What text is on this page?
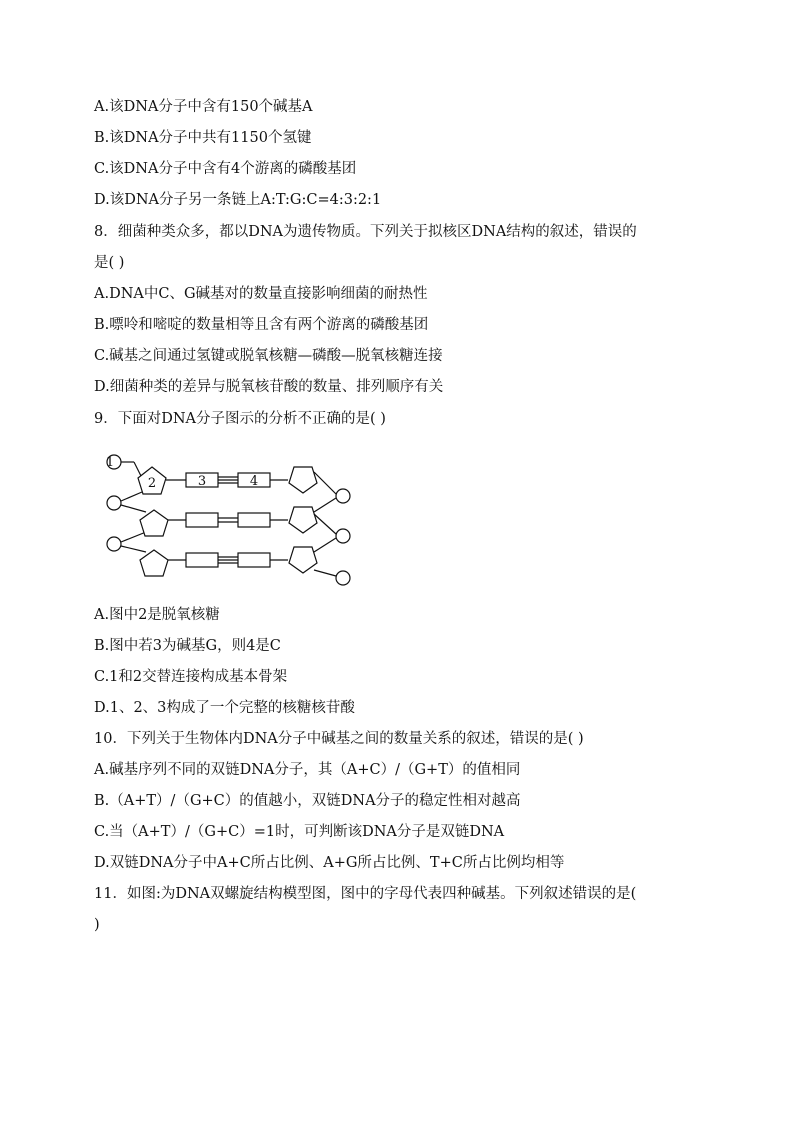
A.该DNA分子中含有150个碱基A
B.该DNA分子中共有1150个氢键
C.该DNA分子中含有4个游离的磷酸基团
D.该DNA分子另一条链上A:T:G:C=4:3:2:1
8．细菌种类众多，都以DNA为遗传物质。下列关于拟核区DNA结构的叙述，错误的
是( )
A.DNA中C、G碱基对的数量直接影响细菌的耐热性
B.嘌呤和嘧啶的数量相等且含有两个游离的磷酸基团
C.碱基之间通过氢键或脱氧核糖—磷酸—脱氧核糖连接
D.细菌种类的差异与脱氧核苷酸的数量、排列顺序有关
9．下面对DNA分子图示的分析不正确的是( )
1
2	3	4
A.图中2是脱氧核糖
B.图中若3为碱基G，则4是C
C.1和2交替连接构成基本骨架
D.1、2、3构成了一个完整的核糖核苷酸
10．下列关于生物体内DNA分子中碱基之间的数量关系的叙述，错误的是( )
A.碱基序列不同的双链DNA分子，其（A+C）/（G+T）的值相同
B.（A+T）/（G+C）的值越小，双链DNA分子的稳定性相对越高
C.当（A+T）/（G+C）=1时，可判断该DNA分子是双链DNA
D.双链DNA分子中A+C所占比例、A+G所占比例、T+C所占比例均相等
11．如图:为DNA双螺旋结构模型图，图中的字母代表四种碱基。下列叙述错误的是(
)
